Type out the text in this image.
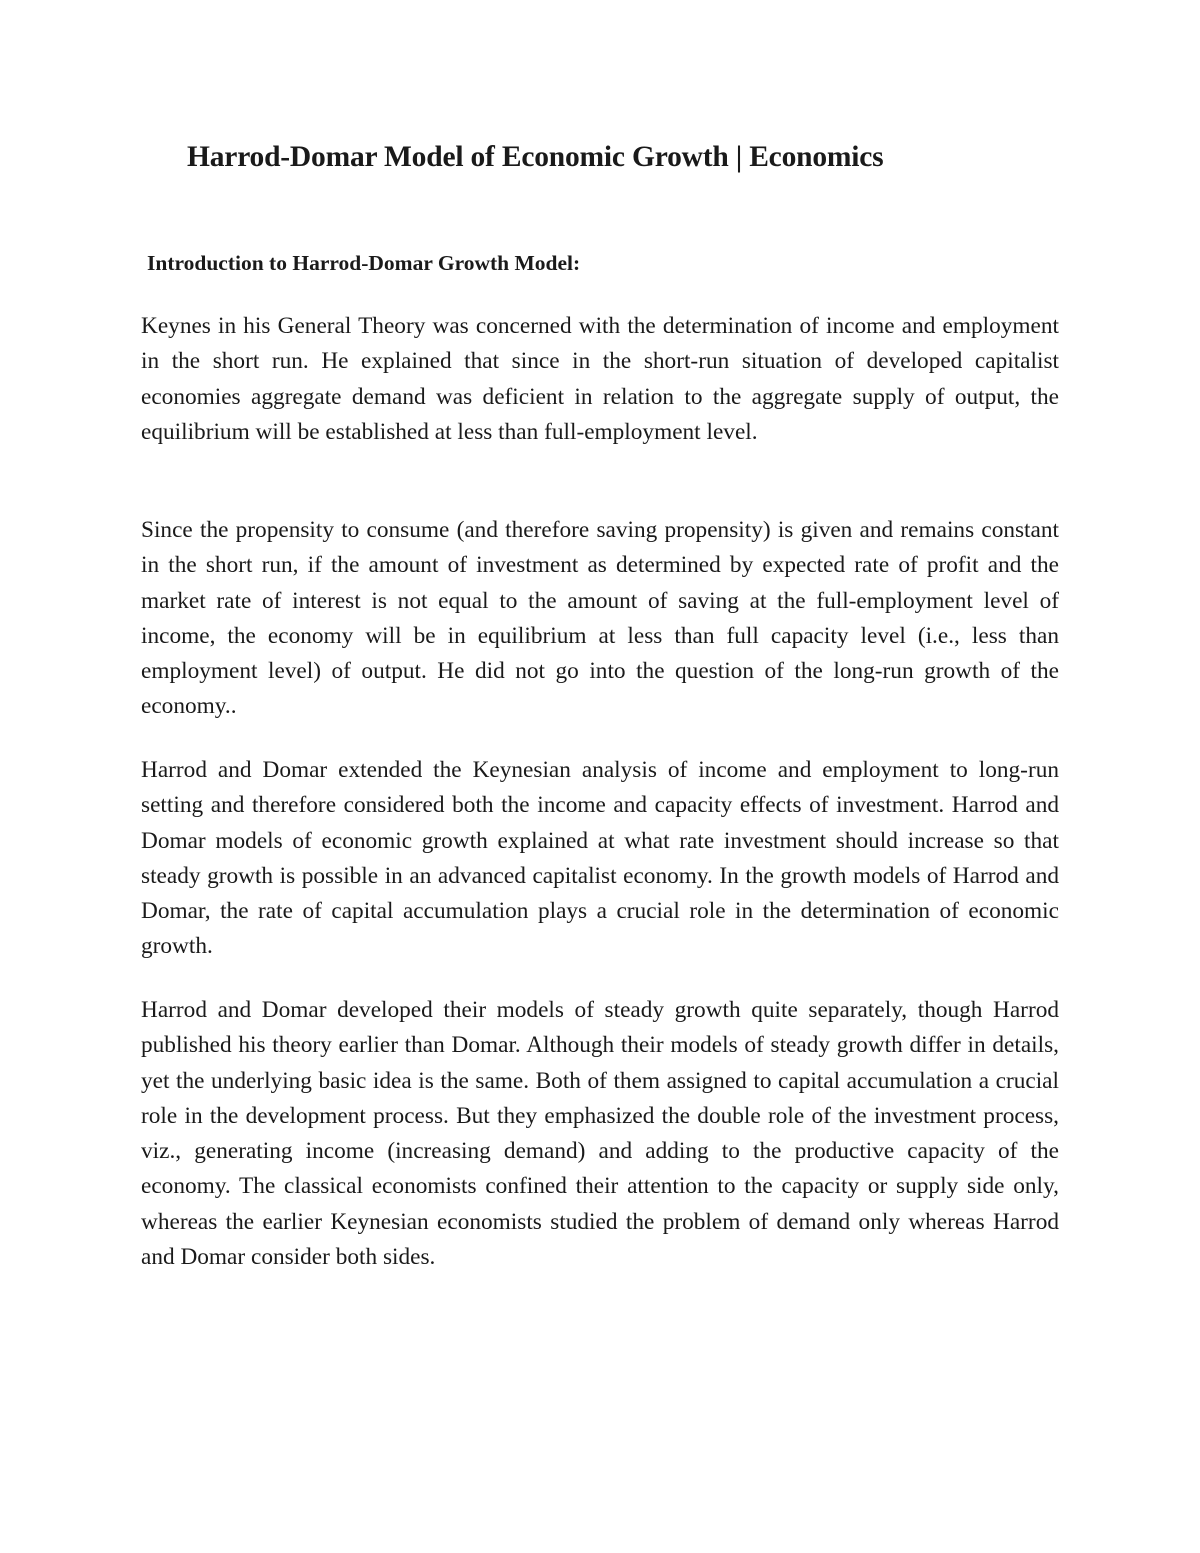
Harrod-Domar Model of Economic Growth | Economics
Introduction to Harrod-Domar Growth Model:

Keynes in his General Theory was concerned with the determination of income and employment in the short run. He explained that since in the short-run situation of developed capitalist economies aggregate demand was deficient in relation to the aggregate supply of output, the equilibrium will be established at less than full-employment level.

Since the propensity to consume (and therefore saving propensity) is given and remains constant in the short run, if the amount of investment as determined by expected rate of profit and the market rate of interest is not equal to the amount of saving at the full-employment level of income, the economy will be in equilibrium at less than full capacity level (i.e., less than employment level) of output. He did not go into the question of the long-run growth of the economy..

Harrod and Domar extended the Keynesian analysis of income and employment to long-run setting and therefore considered both the income and capacity effects of investment. Harrod and Domar models of economic growth explained at what rate investment should increase so that steady growth is possible in an advanced capitalist economy. In the growth models of Harrod and Domar, the rate of capital accumulation plays a crucial role in the determination of economic growth.

Harrod and Domar developed their models of steady growth quite separately, though Harrod published his theory earlier than Domar. Although their models of steady growth differ in details, yet the underlying basic idea is the same. Both of them assigned to capital accumulation a crucial role in the development process. But they emphasized the double role of the investment process, viz., generating income (increasing demand) and adding to the productive capacity of the economy. The classical economists confined their attention to the capacity or supply side only, whereas the earlier Keynesian economists studied the problem of demand only whereas Harrod and Domar consider both sides.
